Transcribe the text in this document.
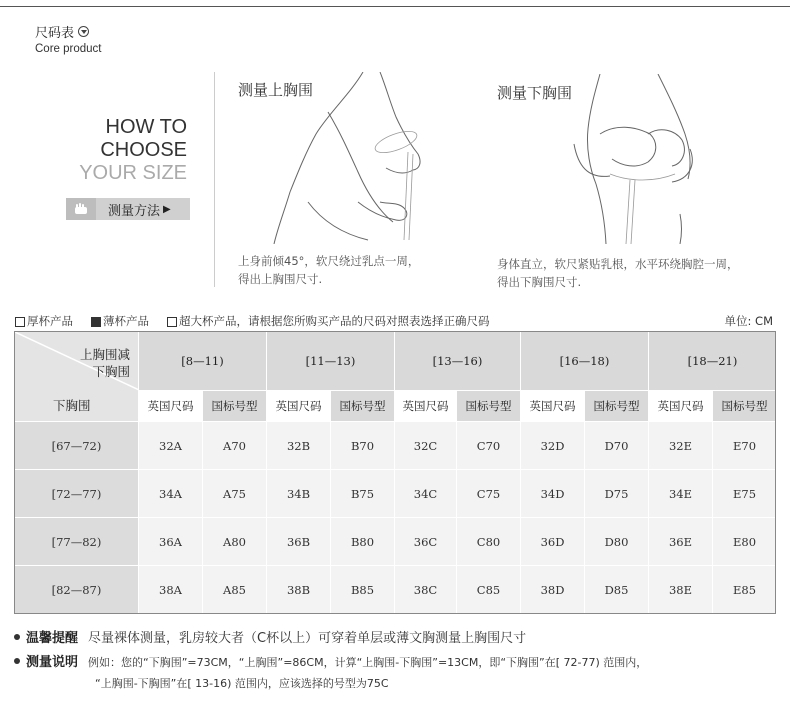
尺码表
Core product
HOW TO
CHOOSE
YOUR SIZE
测量方法 ▶
测量上胸围
上身前倾45°，软尺绕过乳点一周，
得出上胸围尺寸.
测量下胸围
身体直立，软尺紧贴乳根，水平环绕胸腔一周，
得出下胸围尺寸.
厚杯产品	薄杯产品	超大杯产品，请根据您所购买产品的尺码对照表选择正确尺码	单位: CM
上胸围减
下胸围
下胸围	[8—11)		[11—13)		[13—16)		[16—18)		[18—21)	
	英国尺码	国标号型	英国尺码	国标号型	英国尺码	国标号型	英国尺码	国标号型	英国尺码	国标号型
[67—72)	32A	A70	32B	B70	32C	C70	32D	D70	32E	E70
[72—77)	34A	A75	34B	B75	34C	C75	34D	D75	34E	E75
[77—82)	36A	A80	36B	B80	36C	C80	36D	D80	36E	E80
[82—87)	38A	A85	38B	B85	38C	C85	38D	D85	38E	E85
温馨提醒 尽量裸体测量，乳房较大者（C杯以上）可穿着单层或薄文胸测量上胸围尺寸
测量说明 例如：您的“下胸围”=73CM，“上胸围”=86CM，计算“上胸围-下胸围”=13CM，即“下胸围”在[ 72-77) 范围内，
“上胸围-下胸围”在[ 13-16) 范围内，应该选择的号型为75C
